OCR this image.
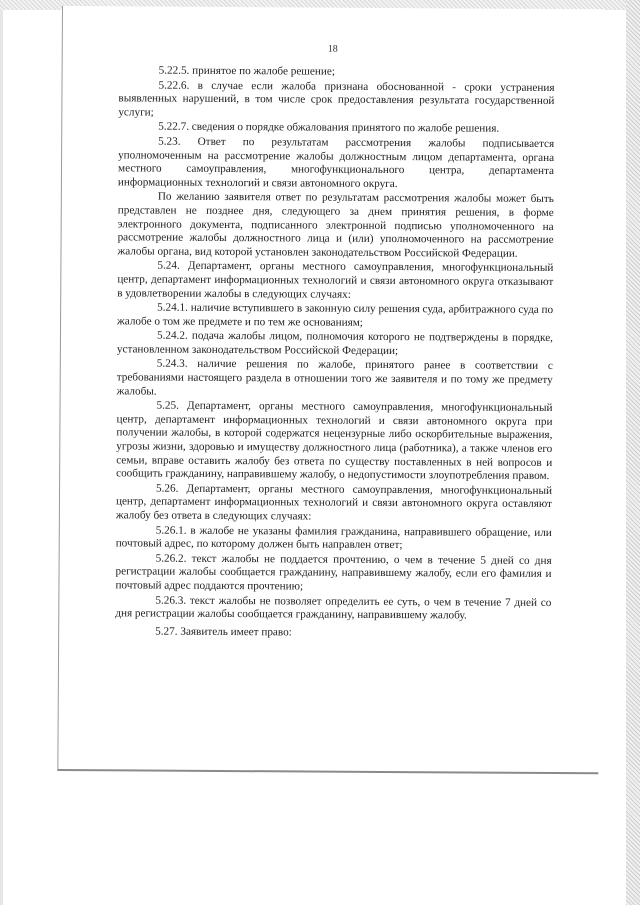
18

5.22.5. принятое по жалобе решение;

5.22.6. в случае если жалоба признана обоснованной - сроки устранения выявленных нарушений, в том числе срок предоставления результата государственной услуги;

5.22.7. сведения о порядке обжалования принятого по жалобе решения.

5.23. Ответ по результатам рассмотрения жалобы подписывается уполномоченным на рассмотрение жалобы должностным лицом департамента, органа местного самоуправления, многофункционального центра, департамента информационных технологий и связи автономного округа.

По желанию заявителя ответ по результатам рассмотрения жалобы может быть представлен не позднее дня, следующего за днем принятия решения, в форме электронного документа, подписанного электронной подписью уполномоченного на рассмотрение жалобы должностного лица и (или) уполномоченного на рассмотрение жалобы органа, вид которой установлен законодательством Российской Федерации.

5.24. Департамент, органы местного самоуправления, многофункциональный центр, департамент информационных технологий и связи автономного округа отказывают в удовлетворении жалобы в следующих случаях:

5.24.1. наличие вступившего в законную силу решения суда, арбитражного суда по жалобе о том же предмете и по тем же основаниям;

5.24.2. подача жалобы лицом, полномочия которого не подтверждены в порядке, установленном законодательством Российской Федерации;

5.24.3. наличие решения по жалобе, принятого ранее в соответствии с требованиями настоящего раздела в отношении того же заявителя и по тому же предмету жалобы.

5.25. Департамент, органы местного самоуправления, многофункциональный центр, департамент информационных технологий и связи автономного округа при получении жалобы, в которой содержатся нецензурные либо оскорбительные выражения, угрозы жизни, здоровью и имуществу должностного лица (работника), а также членов его семьи, вправе оставить жалобу без ответа по существу поставленных в ней вопросов и сообщить гражданину, направившему жалобу, о недопустимости злоупотребления правом.

5.26. Департамент, органы местного самоуправления, многофункциональный центр, департамент информационных технологий и связи автономного округа оставляют жалобу без ответа в следующих случаях:

5.26.1. в жалобе не указаны фамилия гражданина, направившего обращение, или почтовый адрес, по которому должен быть направлен ответ;

5.26.2. текст жалобы не поддается прочтению, о чем в течение 5 дней со дня регистрации жалобы сообщается гражданину, направившему жалобу, если его фамилия и почтовый адрес поддаются прочтению;

5.26.3. текст жалобы не позволяет определить ее суть, о чем в течение 7 дней со дня регистрации жалобы сообщается гражданину, направившему жалобу.

5.27. Заявитель имеет право:
